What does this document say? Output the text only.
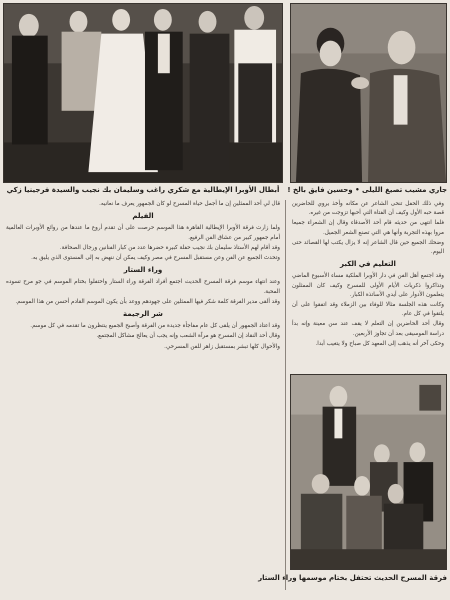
أبطال الأوبرا الإيطالية مع شكري راغب وسليمان بك نجيب والسيدة فرجينيا زكي	جاري مشيب تصيغ الليلى • وحسين فايق بالخ !

وفي ذلك الحفل تنحى الشاعر عن مكانه وأخذ يروي للحاضرين قصة حبه الأول وكيف أن الفتاة التي أحبها تزوجت من غيره.

فلما انتهى من حديثه قام أحد الأصدقاء وقال إن الشعراء جميعا مروا بهذه التجربة وأنها هي التي تصنع الشعر الجميل.

وضحك الجميع حين قال الشاعر إنه لا يزال يكتب لها القصائد حتى اليوم.

التعليم في الكبر

وقد اجتمع أهل الفن في دار الأوبرا الملكية مساء الأسبوع الماضي وتذاكروا ذكريات الأيام الأولى للمسرح وكيف كان الممثلون يتعلمون الأدوار على أيدي الأساتذة الكبار.

وكانت هذه الجلسة مثالا للوفاء بين الزملاء وقد اتفقوا على أن يلتقوا في كل عام.

وقال أحد الحاضرين إن التعلم لا يقف عند سن معينة وإنه بدأ دراسة الموسيقى بعد أن تجاوز الأربعين.

وحكى آخر أنه يذهب إلى المعهد كل صباح ولا يتغيب أبدا.

قال لي أحد الممثلين إن ما أجمل حياة المسرح لو كان الجمهور يعرف ما نعانيه.

الفيلم

ولما زارت فرقة الأوبرا الإيطالية القاهرة هذا الموسم حرصت على أن تقدم أروع ما عندها من روائع الأوبرات العالمية أمام جمهور كبير من عشاق الفن الرفيع.

وقد أقام لهم الأستاذ سليمان بك نجيب حفلة كبيرة حضرها عدد من كبار الفنانين ورجال الصحافة.

وتحدث الجميع عن الفن وعن مستقبل المسرح في مصر وكيف يمكن أن ننهض به إلى المستوى الذي يليق به.

وراء الستار

وعند انتهاء موسم فرقة المسرح الحديث اجتمع أفراد الفرقة وراء الستار واحتفلوا بختام الموسم في جو مرح تسوده المحبة.

وقد ألقى مدير الفرقة كلمة شكر فيها الممثلين على جهودهم ووعد بأن يكون الموسم القادم أحسن من هذا الموسم.

شر الرجيمة

وقد اعتاد الجمهور أن يلقى كل عام مفاجأة جديدة من الفرقة وأصبح الجميع ينتظرون ما تقدمه في كل موسم.

وقال أحد النقاد إن المسرح هو مرآة الشعب وإنه يجب أن يعالج مشاكل المجتمع.

والأحوال كلها تبشر بمستقبل زاهر للفن المسرحي.

فرقة المسرح الحديث تحتفل بختام موسمها وراء الستار
